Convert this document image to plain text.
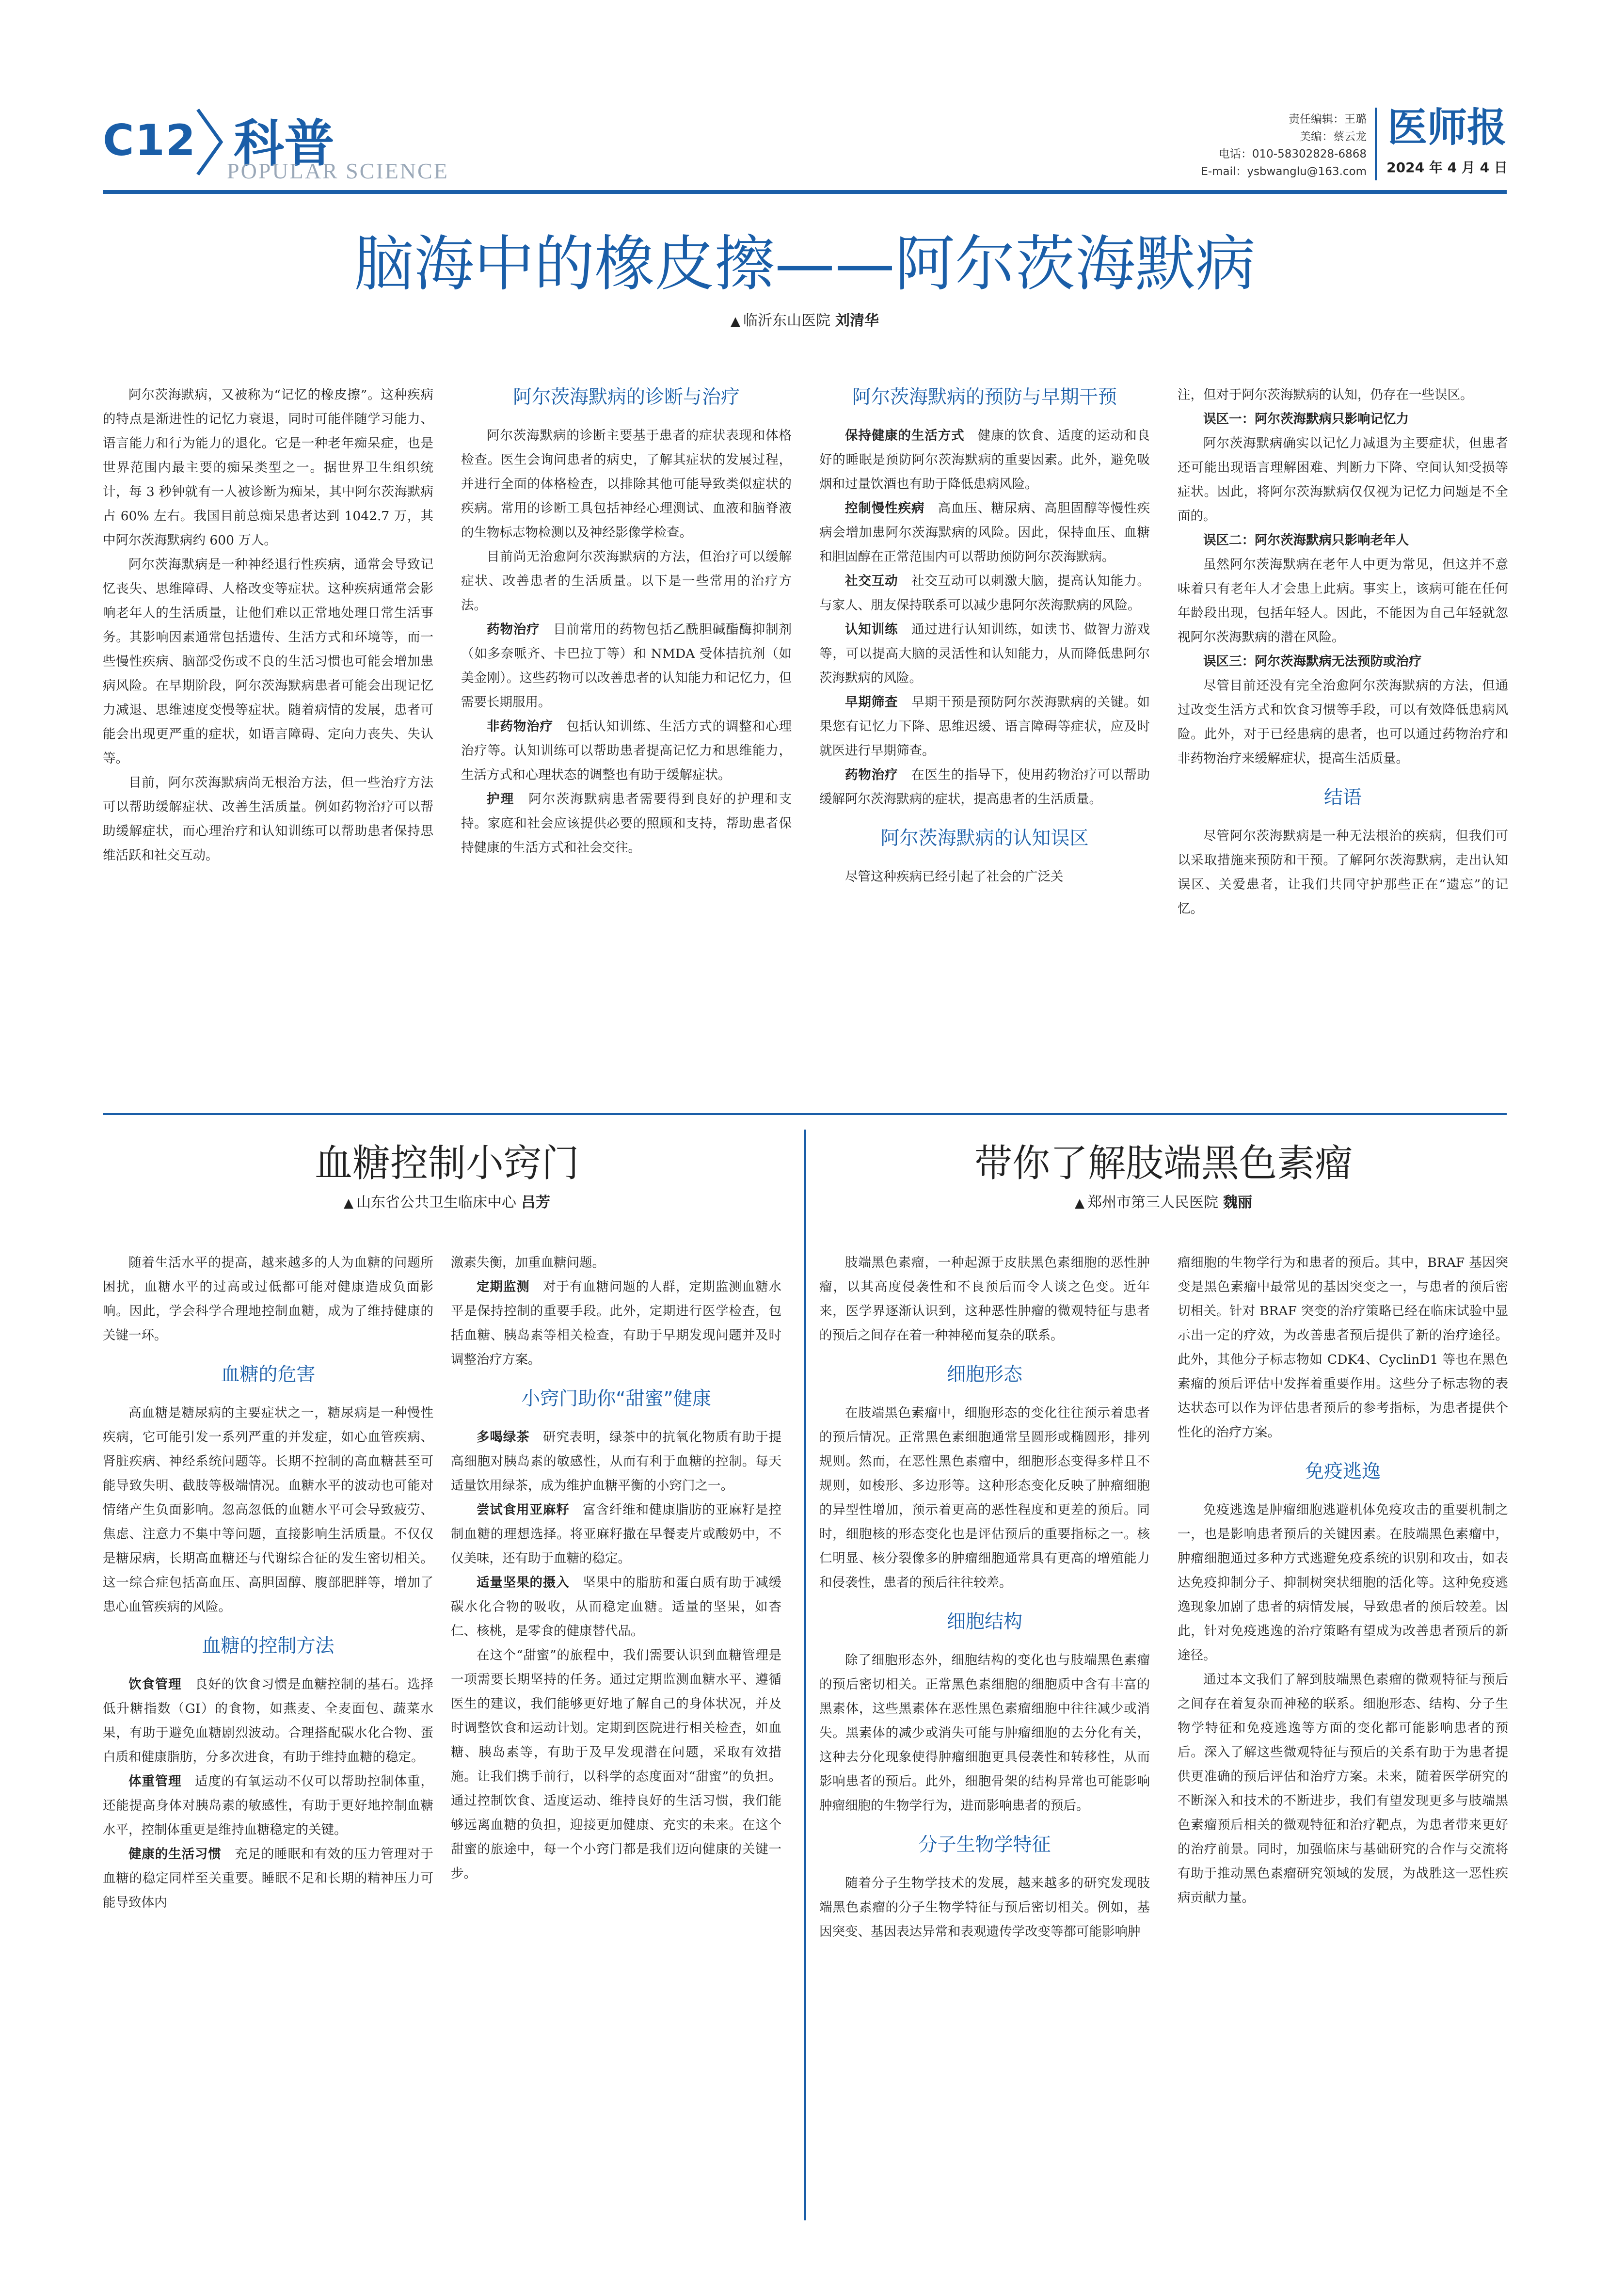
C12 科普
POPULAR SCIENCE
责任编辑：王璐
美编：蔡云龙
电话：010-58302828-6868
E-mail：ysbwanglu@163.com
医师报
2024 年 4 月 4 日
脑海中的橡皮擦——阿尔茨海默病
▲ 临沂东山医院 刘清华

阿尔茨海默病，又被称为“记忆的橡皮擦”。这种疾病的特点是渐进性的记忆力衰退，同时可能伴随学习能力、语言能力和行为能力的退化。它是一种老年痴呆症，也是世界范围内最主要的痴呆类型之一。据世界卫生组织统计，每 3 秒钟就有一人被诊断为痴呆，其中阿尔茨海默病占 60% 左右。我国目前总痴呆患者达到 1042.7 万，其中阿尔茨海默病约 600 万人。

阿尔茨海默病是一种神经退行性疾病，通常会导致记忆丧失、思维障碍、人格改变等症状。这种疾病通常会影响老年人的生活质量，让他们难以正常地处理日常生活事务。其影响因素通常包括遗传、生活方式和环境等，而一些慢性疾病、脑部受伤或不良的生活习惯也可能会增加患病风险。在早期阶段，阿尔茨海默病患者可能会出现记忆力减退、思维速度变慢等症状。随着病情的发展，患者可能会出现更严重的症状，如语言障碍、定向力丧失、失认等。

目前，阿尔茨海默病尚无根治方法，但一些治疗方法可以帮助缓解症状、改善生活质量。例如药物治疗可以帮助缓解症状，而心理治疗和认知训练可以帮助患者保持思维活跃和社交互动。

阿尔茨海默病的诊断与治疗

阿尔茨海默病的诊断主要基于患者的症状表现和体格检查。医生会询问患者的病史，了解其症状的发展过程，并进行全面的体格检查，以排除其他可能导致类似症状的疾病。常用的诊断工具包括神经心理测试、血液和脑脊液的生物标志物检测以及神经影像学检查。

目前尚无治愈阿尔茨海默病的方法，但治疗可以缓解症状、改善患者的生活质量。以下是一些常用的治疗方法。

药物治疗　 目前常用的药物包括乙酰胆碱酯酶抑制剂（如多奈哌齐、卡巴拉丁等）和 NMDA 受体拮抗剂（如美金刚）。这些药物可以改善患者的认知能力和记忆力，但需要长期服用。

非药物治疗　 包括认知训练、生活方式的调整和心理治疗等。认知训练可以帮助患者提高记忆力和思维能力，生活方式和心理状态的调整也有助于缓解症状。

护理　 阿尔茨海默病患者需要得到良好的护理和支持。家庭和社会应该提供必要的照顾和支持，帮助患者保持健康的生活方式和社会交往。

阿尔茨海默病的预防与早期干预

保持健康的生活方式　 健康的饮食、适度的运动和良好的睡眠是预防阿尔茨海默病的重要因素。此外，避免吸烟和过量饮酒也有助于降低患病风险。

控制慢性疾病　 高血压、糖尿病、高胆固醇等慢性疾病会增加患阿尔茨海默病的风险。因此，保持血压、血糖和胆固醇在正常范围内可以帮助预防阿尔茨海默病。

社交互动　 社交互动可以刺激大脑，提高认知能力。与家人、朋友保持联系可以减少患阿尔茨海默病的风险。

认知训练　 通过进行认知训练，如读书、做智力游戏等，可以提高大脑的灵活性和认知能力，从而降低患阿尔茨海默病的风险。

早期筛查　 早期干预是预防阿尔茨海默病的关键。如果您有记忆力下降、思维迟缓、语言障碍等症状，应及时就医进行早期筛查。

药物治疗　 在医生的指导下，使用药物治疗可以帮助缓解阿尔茨海默病的症状，提高患者的生活质量。

阿尔茨海默病的认知误区

尽管这种疾病已经引起了社会的广泛关

注，但对于阿尔茨海默病的认知，仍存在一些误区。
误区一：阿尔茨海默病只影响记忆力

阿尔茨海默病确实以记忆力减退为主要症状，但患者还可能出现语言理解困难、判断力下降、空间认知受损等症状。因此，将阿尔茨海默病仅仅视为记忆力问题是不全面的。

误区二：阿尔茨海默病只影响老年人

虽然阿尔茨海默病在老年人中更为常见，但这并不意味着只有老年人才会患上此病。事实上，该病可能在任何年龄段出现，包括年轻人。因此，不能因为自己年轻就忽视阿尔茨海默病的潜在风险。

误区三：阿尔茨海默病无法预防或治疗

尽管目前还没有完全治愈阿尔茨海默病的方法，但通过改变生活方式和饮食习惯等手段，可以有效降低患病风险。此外，对于已经患病的患者，也可以通过药物治疗和非药物治疗来缓解症状，提高生活质量。

结语

尽管阿尔茨海默病是一种无法根治的疾病，但我们可以采取措施来预防和干预。了解阿尔茨海默病，走出认知误区、关爱患者，让我们共同守护那些正在“遗忘”的记忆。

血糖控制小窍门
▲ 山东省公共卫生临床中心 吕芳

随着生活水平的提高，越来越多的人为血糖的问题所困扰，血糖水平的过高或过低都可能对健康造成负面影响。因此，学会科学合理地控制血糖，成为了维持健康的关键一环。

血糖的危害

高血糖是糖尿病的主要症状之一，糖尿病是一种慢性疾病，它可能引发一系列严重的并发症，如心血管疾病、肾脏疾病、神经系统问题等。长期不控制的高血糖甚至可能导致失明、截肢等极端情况。血糖水平的波动也可能对情绪产生负面影响。忽高忽低的血糖水平可会导致疲劳、焦虑、注意力不集中等问题，直接影响生活质量。不仅仅是糖尿病，长期高血糖还与代谢综合征的发生密切相关。这一综合症包括高血压、高胆固醇、腹部肥胖等，增加了患心血管疾病的风险。

血糖的控制方法

饮食管理　 良好的饮食习惯是血糖控制的基石。选择低升糖指数（GI）的食物，如燕麦、全麦面包、蔬菜水果，有助于避免血糖剧烈波动。合理搭配碳水化合物、蛋白质和健康脂肪，分多次进食，有助于维持血糖的稳定。

体重管理　 适度的有氧运动不仅可以帮助控制体重，还能提高身体对胰岛素的敏感性，有助于更好地控制血糖水平，控制体重更是维持血糖稳定的关键。

健康的生活习惯　 充足的睡眠和有效的压力管理对于血糖的稳定同样至关重要。睡眠不足和长期的精神压力可能导致体内

激素失衡，加重血糖问题。

定期监测　 对于有血糖问题的人群，定期监测血糖水平是保持控制的重要手段。此外，定期进行医学检查，包括血糖、胰岛素等相关检查，有助于早期发现问题并及时调整治疗方案。

小窍门助你“甜蜜”健康

多喝绿茶　 研究表明，绿茶中的抗氧化物质有助于提高细胞对胰岛素的敏感性，从而有利于血糖的控制。每天适量饮用绿茶，成为维护血糖平衡的小窍门之一。

尝试食用亚麻籽　 富含纤维和健康脂肪的亚麻籽是控制血糖的理想选择。将亚麻籽撒在早餐麦片或酸奶中，不仅美味，还有助于血糖的稳定。

适量坚果的摄入　 坚果中的脂肪和蛋白质有助于减缓碳水化合物的吸收，从而稳定血糖。适量的坚果，如杏仁、核桃，是零食的健康替代品。

在这个“甜蜜”的旅程中，我们需要认识到血糖管理是一项需要长期坚持的任务。通过定期监测血糖水平、遵循医生的建议，我们能够更好地了解自己的身体状况，并及时调整饮食和运动计划。定期到医院进行相关检查，如血糖、胰岛素等，有助于及早发现潜在问题，采取有效措施。让我们携手前行，以科学的态度面对“甜蜜”的负担。通过控制饮食、适度运动、维持良好的生活习惯，我们能够远离血糖的负担，迎接更加健康、充实的未来。在这个甜蜜的旅途中，每一个小窍门都是我们迈向健康的关键一步。

带你了解肢端黑色素瘤
▲ 郑州市第三人民医院 魏丽

肢端黑色素瘤，一种起源于皮肤黑色素细胞的恶性肿瘤，以其高度侵袭性和不良预后而令人谈之色变。近年来，医学界逐渐认识到，这种恶性肿瘤的微观特征与患者的预后之间存在着一种神秘而复杂的联系。

细胞形态

在肢端黑色素瘤中，细胞形态的变化往往预示着患者的预后情况。正常黑色素细胞通常呈圆形或椭圆形，排列规则。然而，在恶性黑色素瘤中，细胞形态变得多样且不规则，如梭形、多边形等。这种形态变化反映了肿瘤细胞的异型性增加，预示着更高的恶性程度和更差的预后。同时，细胞核的形态变化也是评估预后的重要指标之一。核仁明显、核分裂像多的肿瘤细胞通常具有更高的增殖能力和侵袭性，患者的预后往往较差。

细胞结构

除了细胞形态外，细胞结构的变化也与肢端黑色素瘤的预后密切相关。正常黑色素细胞的细胞质中含有丰富的黑素体，这些黑素体在恶性黑色素瘤细胞中往往减少或消失。黑素体的减少或消失可能与肿瘤细胞的去分化有关，这种去分化现象使得肿瘤细胞更具侵袭性和转移性，从而影响患者的预后。此外，细胞骨架的结构异常也可能影响肿瘤细胞的生物学行为，进而影响患者的预后。

分子生物学特征

随着分子生物学技术的发展，越来越多的研究发现肢端黑色素瘤的分子生物学特征与预后密切相关。例如，基因突变、基因表达异常和表观遗传学改变等都可能影响肿

瘤细胞的生物学行为和患者的预后。其中，BRAF 基因突变是黑色素瘤中最常见的基因突变之一，与患者的预后密切相关。针对 BRAF 突变的治疗策略已经在临床试验中显示出一定的疗效，为改善患者预后提供了新的治疗途径。此外，其他分子标志物如 CDK4、CyclinD1 等也在黑色素瘤的预后评估中发挥着重要作用。这些分子标志物的表达状态可以作为评估患者预后的参考指标，为患者提供个性化的治疗方案。
免疫逃逸

免疫逃逸是肿瘤细胞逃避机体免疫攻击的重要机制之一，也是影响患者预后的关键因素。在肢端黑色素瘤中，肿瘤细胞通过多种方式逃避免疫系统的识别和攻击，如表达免疫抑制分子、抑制树突状细胞的活化等。这种免疫逃逸现象加剧了患者的病情发展，导致患者的预后较差。因此，针对免疫逃逸的治疗策略有望成为改善患者预后的新途径。

通过本文我们了解到肢端黑色素瘤的微观特征与预后之间存在着复杂而神秘的联系。细胞形态、结构、分子生物学特征和免疫逃逸等方面的变化都可能影响患者的预后。深入了解这些微观特征与预后的关系有助于为患者提供更准确的预后评估和治疗方案。未来，随着医学研究的不断深入和技术的不断进步，我们有望发现更多与肢端黑色素瘤预后相关的微观特征和治疗靶点，为患者带来更好的治疗前景。同时，加强临床与基础研究的合作与交流将有助于推动黑色素瘤研究领域的发展，为战胜这一恶性疾病贡献力量。
